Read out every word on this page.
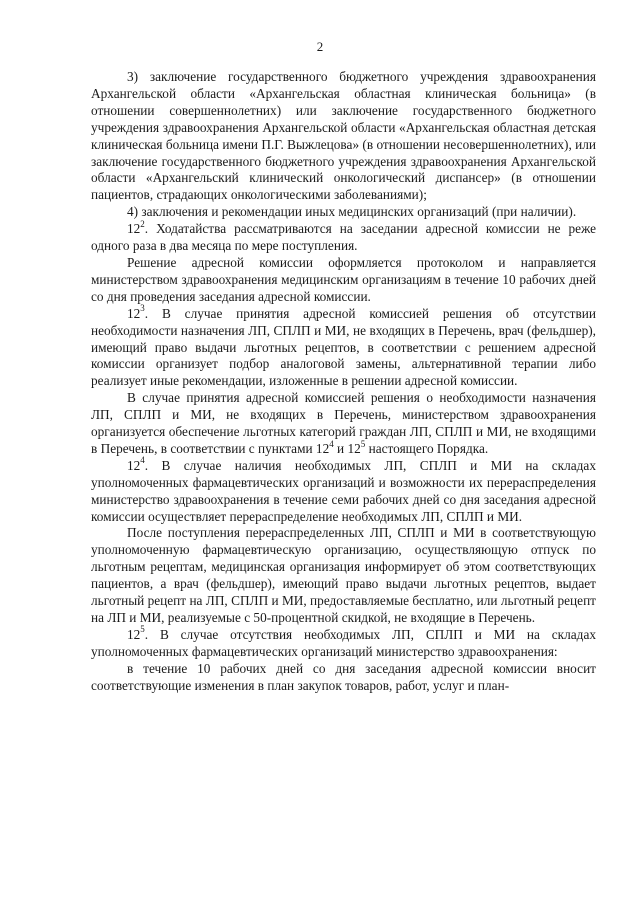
2

3) заключение государственного бюджетного учреждения здравоохранения Архангельской области «Архангельская областная клиническая больница» (в отношении совершеннолетних) или заключение государственного бюджетного учреждения здравоохранения Архангельской области «Архангельская областная детская клиническая больница имени П.Г. Выжлецова» (в отношении несовершеннолетних), или заключение государственного бюджетного учреждения здравоохранения Архангельской области «Архангельский клинический онкологический диспансер» (в отношении пациентов, страдающих онкологическими заболеваниями);

4) заключения и рекомендации иных медицинских организаций (при наличии).

$12^2$. Ходатайства рассматриваются на заседании адресной комиссии не реже одного раза в два месяца по мере поступления.

Решение адресной комиссии оформляется протоколом и направляется министерством здравоохранения медицинским организациям в течение 10 рабочих дней со дня проведения заседания адресной комиссии.

$12^3$. В случае принятия адресной комиссией решения об отсутствии необходимости назначения ЛП, СПЛП и МИ, не входящих в Перечень, врач (фельдшер), имеющий право выдачи льготных рецептов, в соответствии с решением адресной комиссии организует подбор аналоговой замены, альтернативной терапии либо реализует иные рекомендации, изложенные в решении адресной комиссии.

В случае принятия адресной комиссией решения о необходимости назначения ЛП, СПЛП и МИ, не входящих в Перечень, министерством здравоохранения организуется обеспечение льготных категорий граждан ЛП, СПЛП и МИ, не входящими в Перечень, в соответствии с пунктами $12^4$ и $12^5$ настоящего Порядка.

$12^4$. В случае наличия необходимых ЛП, СПЛП и МИ на складах уполномоченных фармацевтических организаций и возможности их перераспределения министерство здравоохранения в течение семи рабочих дней со дня заседания адресной комиссии осуществляет перераспределение необходимых ЛП, СПЛП и МИ.

После поступления перераспределенных ЛП, СПЛП и МИ в соответствующую уполномоченную фармацевтическую организацию, осуществляющую отпуск по льготным рецептам, медицинская организация информирует об этом соответствующих пациентов, а врач (фельдшер), имеющий право выдачи льготных рецептов, выдает льготный рецепт на ЛП, СПЛП и МИ, предоставляемые бесплатно, или льготный рецепт на ЛП и МИ, реализуемые с 50-процентной скидкой, не входящие в Перечень.

$12^5$. В случае отсутствия необходимых ЛП, СПЛП и МИ на складах уполномоченных фармацевтических организаций министерство здравоохранения:

в течение 10 рабочих дней со дня заседания адресной комиссии вносит соответствующие изменения в план закупок товаров, работ, услуг и план-
